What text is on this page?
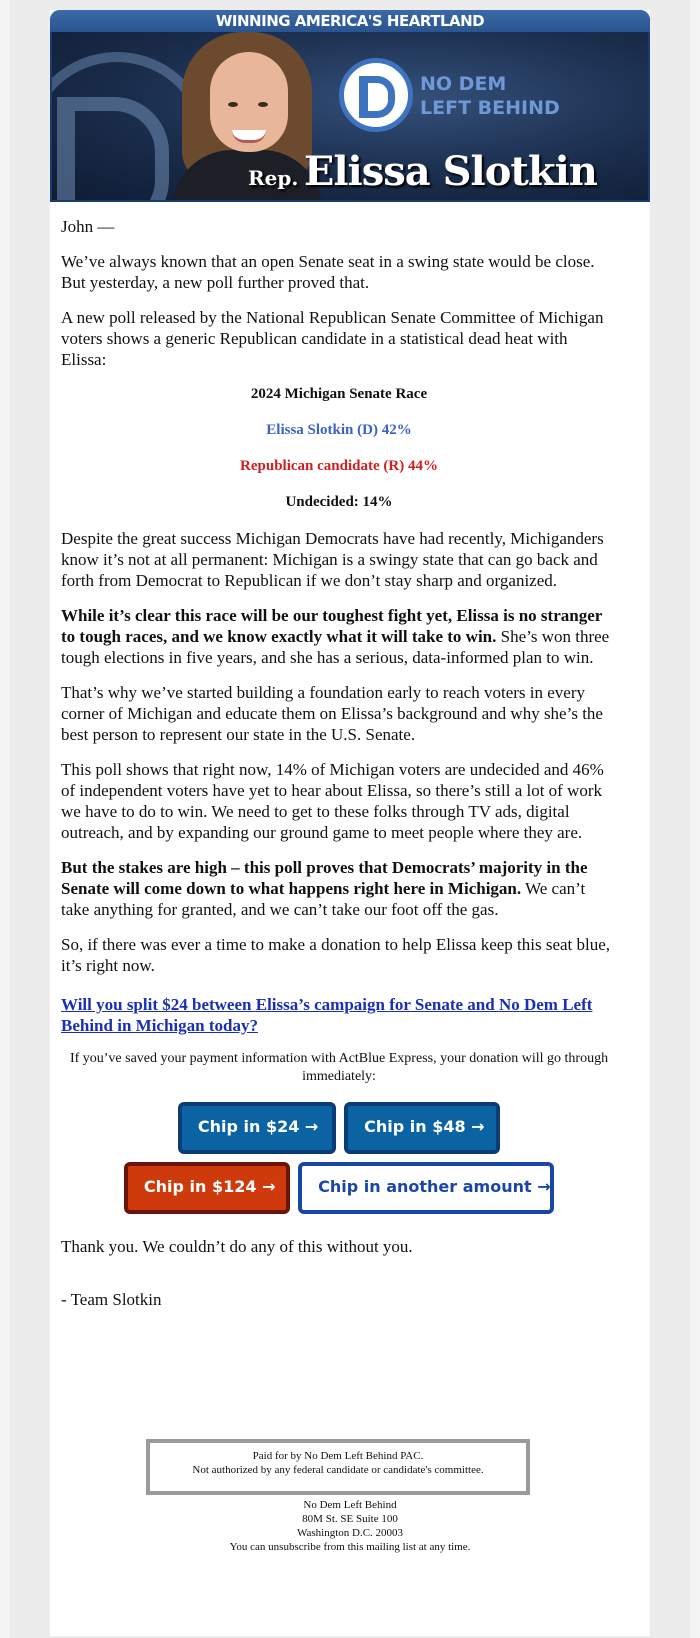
WINNING AMERICA'S HEARTLAND
NO DEM
LEFT BEHIND
Rep. Elissa Slotkin

John —

We’ve always known that an open Senate seat in a swing state would be close. But yesterday, a new poll further proved that.

A new poll released by the National Republican Senate Committee of Michigan voters shows a generic Republican candidate in a statistical dead heat with Elissa:

2024 Michigan Senate Race

Elissa Slotkin (D) 42%

Republican candidate (R) 44%

Undecided: 14%

Despite the great success Michigan Democrats have had recently, Michiganders know it’s not at all permanent: Michigan is a swingy state that can go back and forth from Democrat to Republican if we don’t stay sharp and organized.

While it’s clear this race will be our toughest fight yet, Elissa is no stranger to tough races, and we know exactly what it will take to win. She’s won three tough elections in five years, and she has a serious, data-informed plan to win.

That’s why we’ve started building a foundation early to reach voters in every corner of Michigan and educate them on Elissa’s background and why she’s the best person to represent our state in the U.S. Senate.

This poll shows that right now, 14% of Michigan voters are undecided and 46% of independent voters have yet to hear about Elissa, so there’s still a lot of work we have to do to win. We need to get to these folks through TV ads, digital outreach, and by expanding our ground game to meet people where they are.

But the stakes are high – this poll proves that Democrats’ majority in the Senate will come down to what happens right here in Michigan. We can’t take anything for granted, and we can’t take our foot off the gas.

So, if there was ever a time to make a donation to help Elissa keep this seat blue, it’s right now.

Will you split $24 between Elissa’s campaign for Senate and No Dem Left Behind in Michigan today?

If you’ve saved your payment information with ActBlue Express, your donation will go through immediately:

Chip in $24 →	Chip in $48 →
Chip in $124 →	Chip in another amount →

Thank you. We couldn’t do any of this without you.

- Team Slotkin

Paid for by No Dem Left Behind PAC.
Not authorized by any federal candidate or candidate's committee.
No Dem Left Behind
80M St. SE Suite 100
Washington D.C. 20003
You can unsubscribe from this mailing list at any time.
